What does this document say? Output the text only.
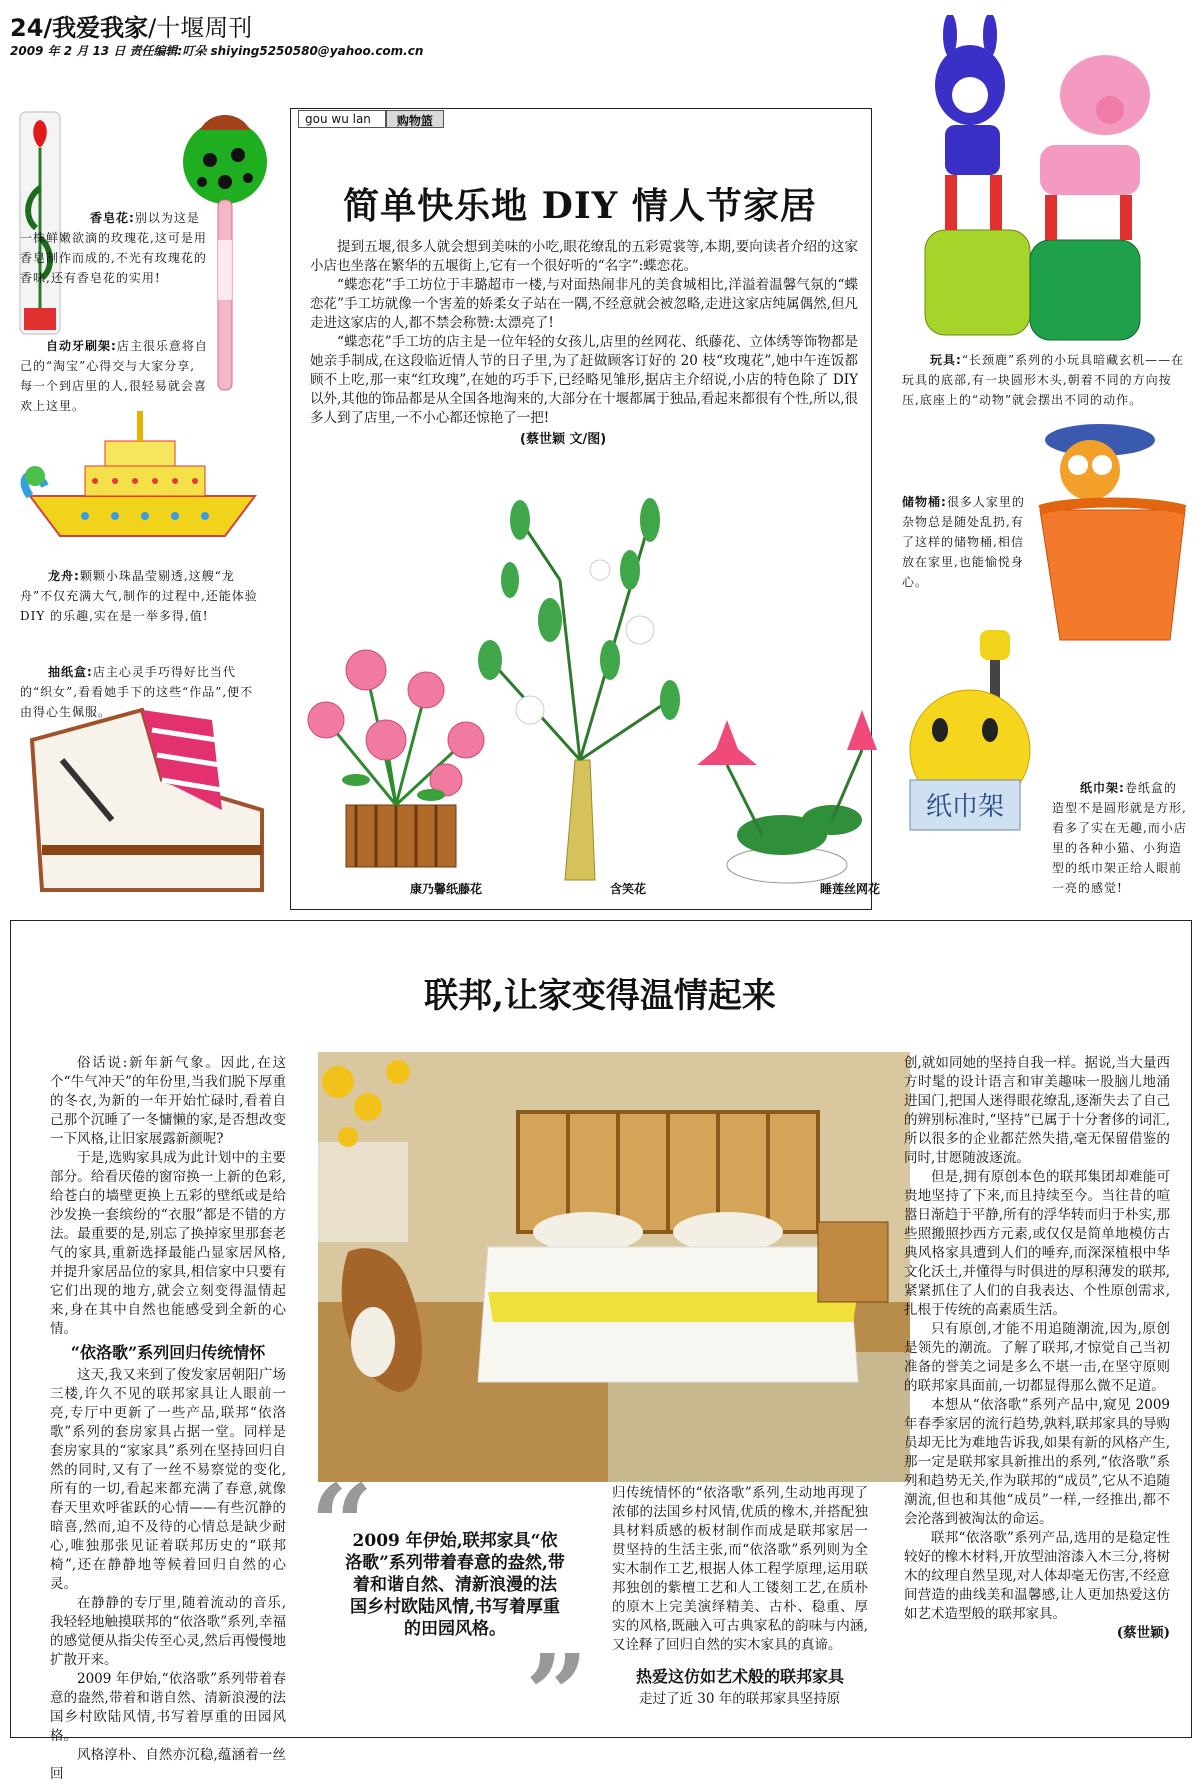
24/我爱我家/十堰周刊
2009 年 2 月 13 日 责任编辑:叮朵 shiying5250580@yahoo.com.cn
香皂花:别以为这是一株鲜嫩欲滴的玫瑰花,这可是用香皂制作而成的,不光有玫瑰花的香味,还有香皂花的实用!
自动牙刷架:店主很乐意将自己的“淘宝”心得交与大家分享,每一个到店里的人,很轻易就会喜欢上这里。
龙舟:颗颗小珠晶莹剔透,这艘“龙舟”不仅充满大气,制作的过程中,还能体验 DIY 的乐趣,实在是一举多得,值!
抽纸盒:店主心灵手巧得好比当代的“织女”,看看她手下的这些“作品”,便不由得心生佩服。
gou wu lan	购物篮
简单快乐地 DIY 情人节家居

提到五堰,很多人就会想到美味的小吃,眼花缭乱的五彩霓裳等,本期,要向读者介绍的这家小店也坐落在繁华的五堰街上,它有一个很好听的“名字”:蝶恋花。

“蝶恋花”手工坊位于丰璐超市一楼,与对面热闹非凡的美食城相比,洋溢着温馨气氛的“蝶恋花”手工坊就像一个害羞的娇柔女子站在一隅,不经意就会被忽略,走进这家店纯属偶然,但凡走进这家店的人,都不禁会称赞:太漂亮了!

“蝶恋花”手工坊的店主是一位年轻的女孩儿,店里的丝网花、纸藤花、立体绣等饰物都是她亲手制成,在这段临近情人节的日子里,为了赶做顾客订好的 20 枝“玫瑰花”,她中午连饭都顾不上吃,那一束“红玫瑰”,在她的巧手下,已经略见雏形,据店主介绍说,小店的特色除了 DIY 以外,其他的饰品都是从全国各地淘来的,大部分在十堰都属于独品,看起来都很有个性,所以,很多人到了店里,一不小心都还惊艳了一把!

(蔡世颖 文/图)
康乃馨纸藤花	含笑花	睡莲丝网花
玩具:“长颈鹿”系列的小玩具暗藏玄机——在玩具的底部,有一块圆形木头,朝着不同的方向按压,底座上的“动物”就会摆出不同的动作。
储物桶:很多人家里的杂物总是随处乱扔,有了这样的储物桶,相信放在家里,也能愉悦身心。
纸巾架
纸巾架:卷纸盒的造型不是圆形就是方形,看多了实在无趣,而小店里的各种小猫、小狗造型的纸巾架正给人眼前一亮的感觉!
联邦,让家变得温情起来

俗话说:新年新气象。因此,在这个“牛气冲天”的年份里,当我们脱下厚重的冬衣,为新的一年开始忙碌时,看着自己那个沉睡了一冬慵懒的家,是否想改变一下风格,让旧家展露新颜呢?

于是,选购家具成为此计划中的主要部分。给看厌倦的窗帘换一上新的色彩,给苍白的墙壁更换上五彩的壁纸或是给沙发换一套缤纷的“衣服”都是不错的方法。最重要的是,别忘了换掉家里那套老气的家具,重新选择最能凸显家居风格,并提升家居品位的家具,相信家中只要有它们出现的地方,就会立刻变得温情起来,身在其中自然也能感受到全新的心情。

“依洛歌”系列回归传统情怀

这天,我又来到了俊发家居朝阳广场三楼,许久不见的联邦家具让人眼前一亮,专厅中更新了一些产品,联邦“依洛歌”系列的套房家具占据一堂。同样是套房家具的“家家具”系列在坚持回归自然的同时,又有了一丝不易察觉的变化,所有的一切,看起来都充满了春意,就像春天里欢呼雀跃的心情——有些沉静的暗喜,然而,迫不及待的心情总是缺少耐心,唯独那张见证着联邦历史的“联邦椅”,还在静静地等候着回归自然的心灵。

在静静的专厅里,随着流动的音乐,我轻轻地触摸联邦的“依洛歌”系列,幸福的感觉便从指尖传至心灵,然后再慢慢地扩散开来。

2009 年伊始,“依洛歌”系列带着春意的盎然,带着和谐自然、清新浪漫的法国乡村欧陆风情,书写着厚重的田园风格。

风格淳朴、自然亦沉稳,蕴涵着一丝回

创,就如同她的坚持自我一样。据说,当大量西方时髦的设计语言和审美趣味一股脑儿地涌进国门,把国人迷得眼花缭乱,逐渐失去了自己的辨别标准时,“坚持”已属于十分奢侈的词汇,所以很多的企业都茫然失措,毫无保留借鉴的同时,甘愿随波逐流。

但是,拥有原创本色的联邦集团却难能可贵地坚持了下来,而且持续至今。当往昔的喧嚣日渐趋于平静,所有的浮华转而归于朴实,那些照搬照抄西方元素,或仅仅是简单地模仿古典风格家具遭到人们的唾弃,而深深植根中华文化沃土,并懂得与时俱进的厚积薄发的联邦,紧紧抓住了人们的自我表达、个性原创需求,扎根于传统的高素质生活。

只有原创,才能不用追随潮流,因为,原创是领先的潮流。了解了联邦,才惊觉自己当初准备的誉美之词是多么不堪一击,在坚守原则的联邦家具面前,一切都显得那么微不足道。

本想从“依洛歌”系列产品中,窥见 2009 年春季家居的流行趋势,孰料,联邦家具的导购员却无比为难地告诉我,如果有新的风格产生,那一定是联邦家具新推出的系列,“依洛歌”系列和趋势无关,作为联邦的“成员”,它从不追随潮流,但也和其他“成员”一样,一经推出,都不会沦落到被淘汰的命运。

联邦“依洛歌”系列产品,选用的是稳定性较好的橡木材料,开放型油溶漆入木三分,将树木的纹理自然呈现,对人体却毫无伤害,不经意间营造的曲线美和温馨感,让人更加热爱这仿如艺术造型般的联邦家具。

(蔡世颖)
“
2009 年伊始,联邦家具“依洛歌”系列带着春意的盎然,带着和谐自然、清新浪漫的法国乡村欧陆风情,书写着厚重的田园风格。
”

归传统情怀的“依洛歌”系列,生动地再现了浓郁的法国乡村风情,优质的橡木,并搭配独具材料质感的板材制作而成是联邦家居一贯坚持的生活主张,而“依洛歌”系列则为全实木制作工艺,根据人体工程学原理,运用联邦独创的紫檀工艺和人工镂刻工艺,在质朴的原木上完美演绎精美、古朴、稳重、厚实的风格,既融入可古典家私的韵味与内涵,又诠释了回归自然的实木家具的真谛。

热爱这仿如艺术般的联邦家具

走过了近 30 年的联邦家具坚持原
